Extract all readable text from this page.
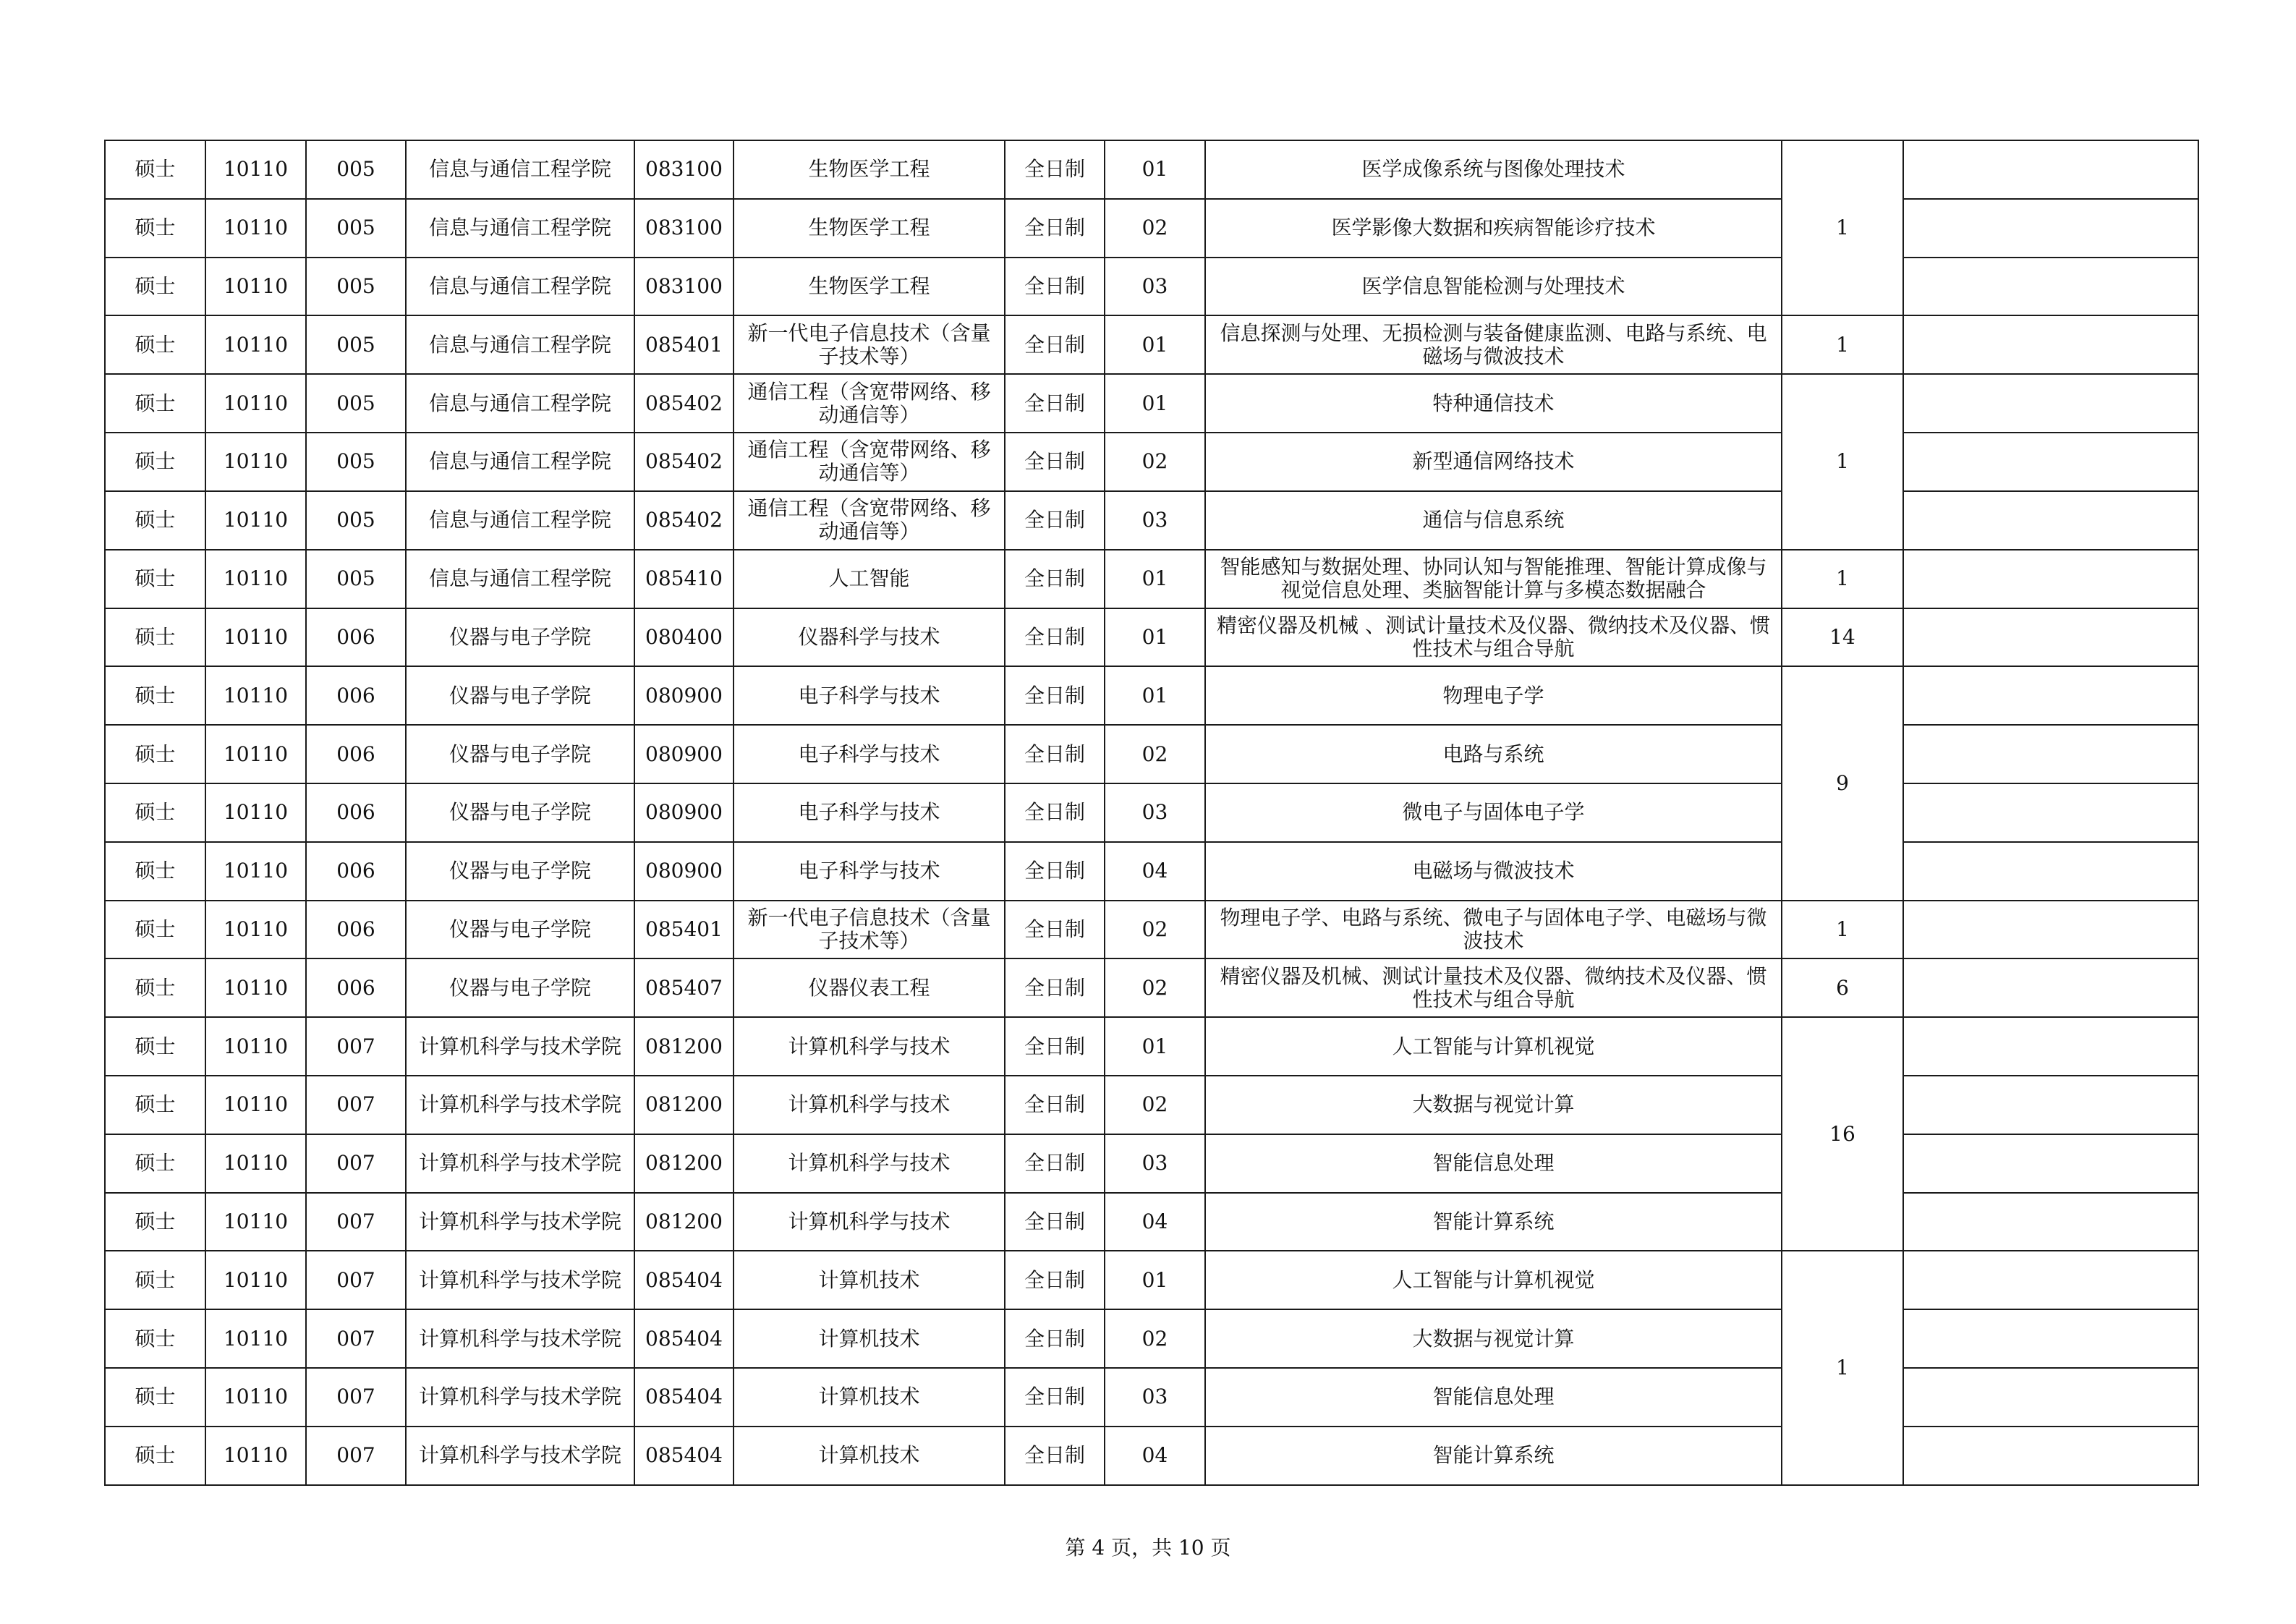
硕士	10110	005	信息与通信工程学院	083100	生物医学工程	全日制	01	医学成像系统与图像处理技术	1	
硕士	10110	005	信息与通信工程学院	083100	生物医学工程	全日制	02	医学影像大数据和疾病智能诊疗技术		
硕士	10110	005	信息与通信工程学院	083100	生物医学工程	全日制	03	医学信息智能检测与处理技术		
硕士	10110	005	信息与通信工程学院	085401	新一代电子信息技术（含量子技术等）	全日制	01	信息探测与处理、无损检测与装备健康监测、电路与系统、电磁场与微波技术	1	
硕士	10110	005	信息与通信工程学院	085402	通信工程（含宽带网络、移动通信等）	全日制	01	特种通信技术	1	
硕士	10110	005	信息与通信工程学院	085402	通信工程（含宽带网络、移动通信等）	全日制	02	新型通信网络技术		
硕士	10110	005	信息与通信工程学院	085402	通信工程（含宽带网络、移动通信等）	全日制	03	通信与信息系统		
硕士	10110	005	信息与通信工程学院	085410	人工智能	全日制	01	智能感知与数据处理、协同认知与智能推理、智能计算成像与视觉信息处理、类脑智能计算与多模态数据融合	1	
硕士	10110	006	仪器与电子学院	080400	仪器科学与技术	全日制	01	精密仪器及机械 、测试计量技术及仪器、微纳技术及仪器、惯性技术与组合导航	14	
硕士	10110	006	仪器与电子学院	080900	电子科学与技术	全日制	01	物理电子学	9	
硕士	10110	006	仪器与电子学院	080900	电子科学与技术	全日制	02	电路与系统		
硕士	10110	006	仪器与电子学院	080900	电子科学与技术	全日制	03	微电子与固体电子学		
硕士	10110	006	仪器与电子学院	080900	电子科学与技术	全日制	04	电磁场与微波技术		
硕士	10110	006	仪器与电子学院	085401	新一代电子信息技术（含量子技术等）	全日制	02	物理电子学、电路与系统、微电子与固体电子学、电磁场与微波技术	1	
硕士	10110	006	仪器与电子学院	085407	仪器仪表工程	全日制	02	精密仪器及机械、测试计量技术及仪器、微纳技术及仪器、惯性技术与组合导航	6	
硕士	10110	007	计算机科学与技术学院	081200	计算机科学与技术	全日制	01	人工智能与计算机视觉	16	
硕士	10110	007	计算机科学与技术学院	081200	计算机科学与技术	全日制	02	大数据与视觉计算		
硕士	10110	007	计算机科学与技术学院	081200	计算机科学与技术	全日制	03	智能信息处理		
硕士	10110	007	计算机科学与技术学院	081200	计算机科学与技术	全日制	04	智能计算系统		
硕士	10110	007	计算机科学与技术学院	085404	计算机技术	全日制	01	人工智能与计算机视觉	1	
硕士	10110	007	计算机科学与技术学院	085404	计算机技术	全日制	02	大数据与视觉计算		
硕士	10110	007	计算机科学与技术学院	085404	计算机技术	全日制	03	智能信息处理		
硕士	10110	007	计算机科学与技术学院	085404	计算机技术	全日制	04	智能计算系统		
第 4 页，共 10 页
